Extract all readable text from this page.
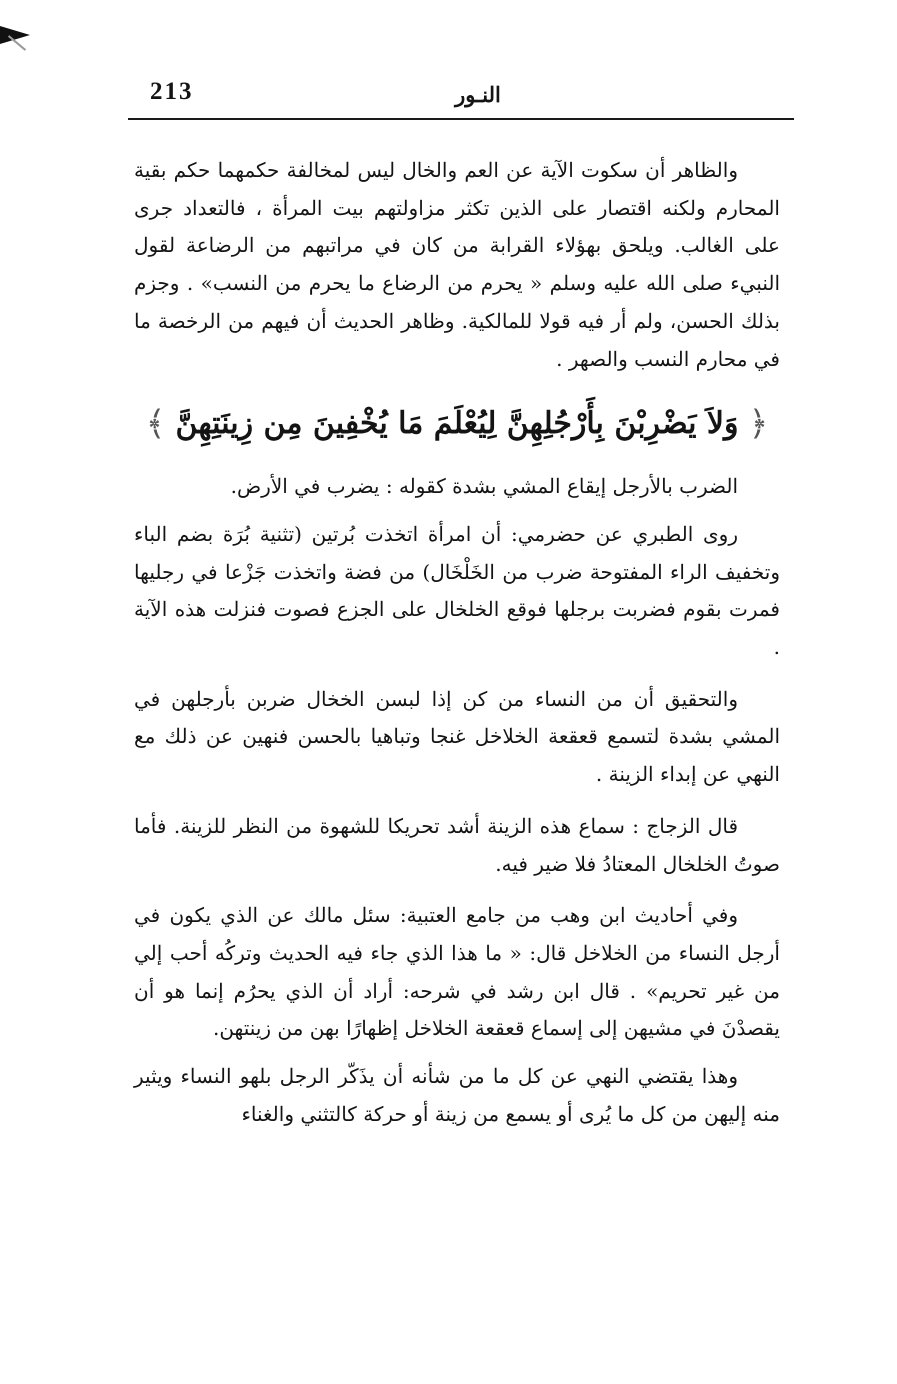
213	النـور

والظاهر أن سكوت الآية عن العم والخال ليس لمخالفة حكمهما حكم بقية المحارم ولكنه اقتصار على الذين تكثر مزاولتهم بيت المرأة ، فالتعداد جرى على الغالب. ويلحق بهؤلاء القرابة من كان في مراتبهم من الرضاعة لقول النبيء صلى الله عليه وسلم « يحرم من الرضاع ما يحرم من النسب» . وجزم بذلك الحسن، ولم أر فيه قولا للمالكية. وظاهر الحديث أن فيهم من الرخصة ما في محارم النسب والصهر .

﴿
وَلاَ يَضْرِبْنَ بِأَرْجُلِهِنَّ لِيُعْلَمَ مَا يُخْفِينَ مِن زِينَتِهِنَّ
﴾

الضرب بالأرجل إيقاع المشي بشدة كقوله : يضرب في الأرض.

روى الطبري عن حضرمي: أن امرأة اتخذت بُرتين (تثنية بُرَة بضم الباء وتخفيف الراء المفتوحة ضرب من الخَلْخَال) من فضة واتخذت جَزْعا في رجليها فمرت بقوم فضربت برجلها فوقع الخلخال على الجزع فصوت فنزلت هذه الآية .

والتحقيق أن من النساء من كن إذا لبسن الخخال ضربن بأرجلهن في المشي بشدة لتسمع قعقعة الخلاخل غنجا وتباهيا بالحسن فنهين عن ذلك مع النهي عن إبداء الزينة .

قال الزجاج : سماع هذه الزينة أشد تحريكا للشهوة من النظر للزينة. فأما صوتُ الخلخال المعتادُ فلا ضير فيه.

وفي أحاديث ابن وهب من جامع العتبية: سئل مالك عن الذي يكون في أرجل النساء من الخلاخل قال: « ما هذا الذي جاء فيه الحديث وتركُه أحب إلي من غير تحريم» . قال ابن رشد في شرحه: أراد أن الذي يحرُم إنما هو أن يقصدْنَ في مشيهن إلى إسماع قعقعة الخلاخل إظهارًا بهن من زينتهن.

وهذا يقتضي النهي عن كل ما من شأنه أن يذَكّر الرجل بلهو النساء ويثير منه إليهن من كل ما يُرى أو يسمع من زينة أو حركة كالتثني والغناء
